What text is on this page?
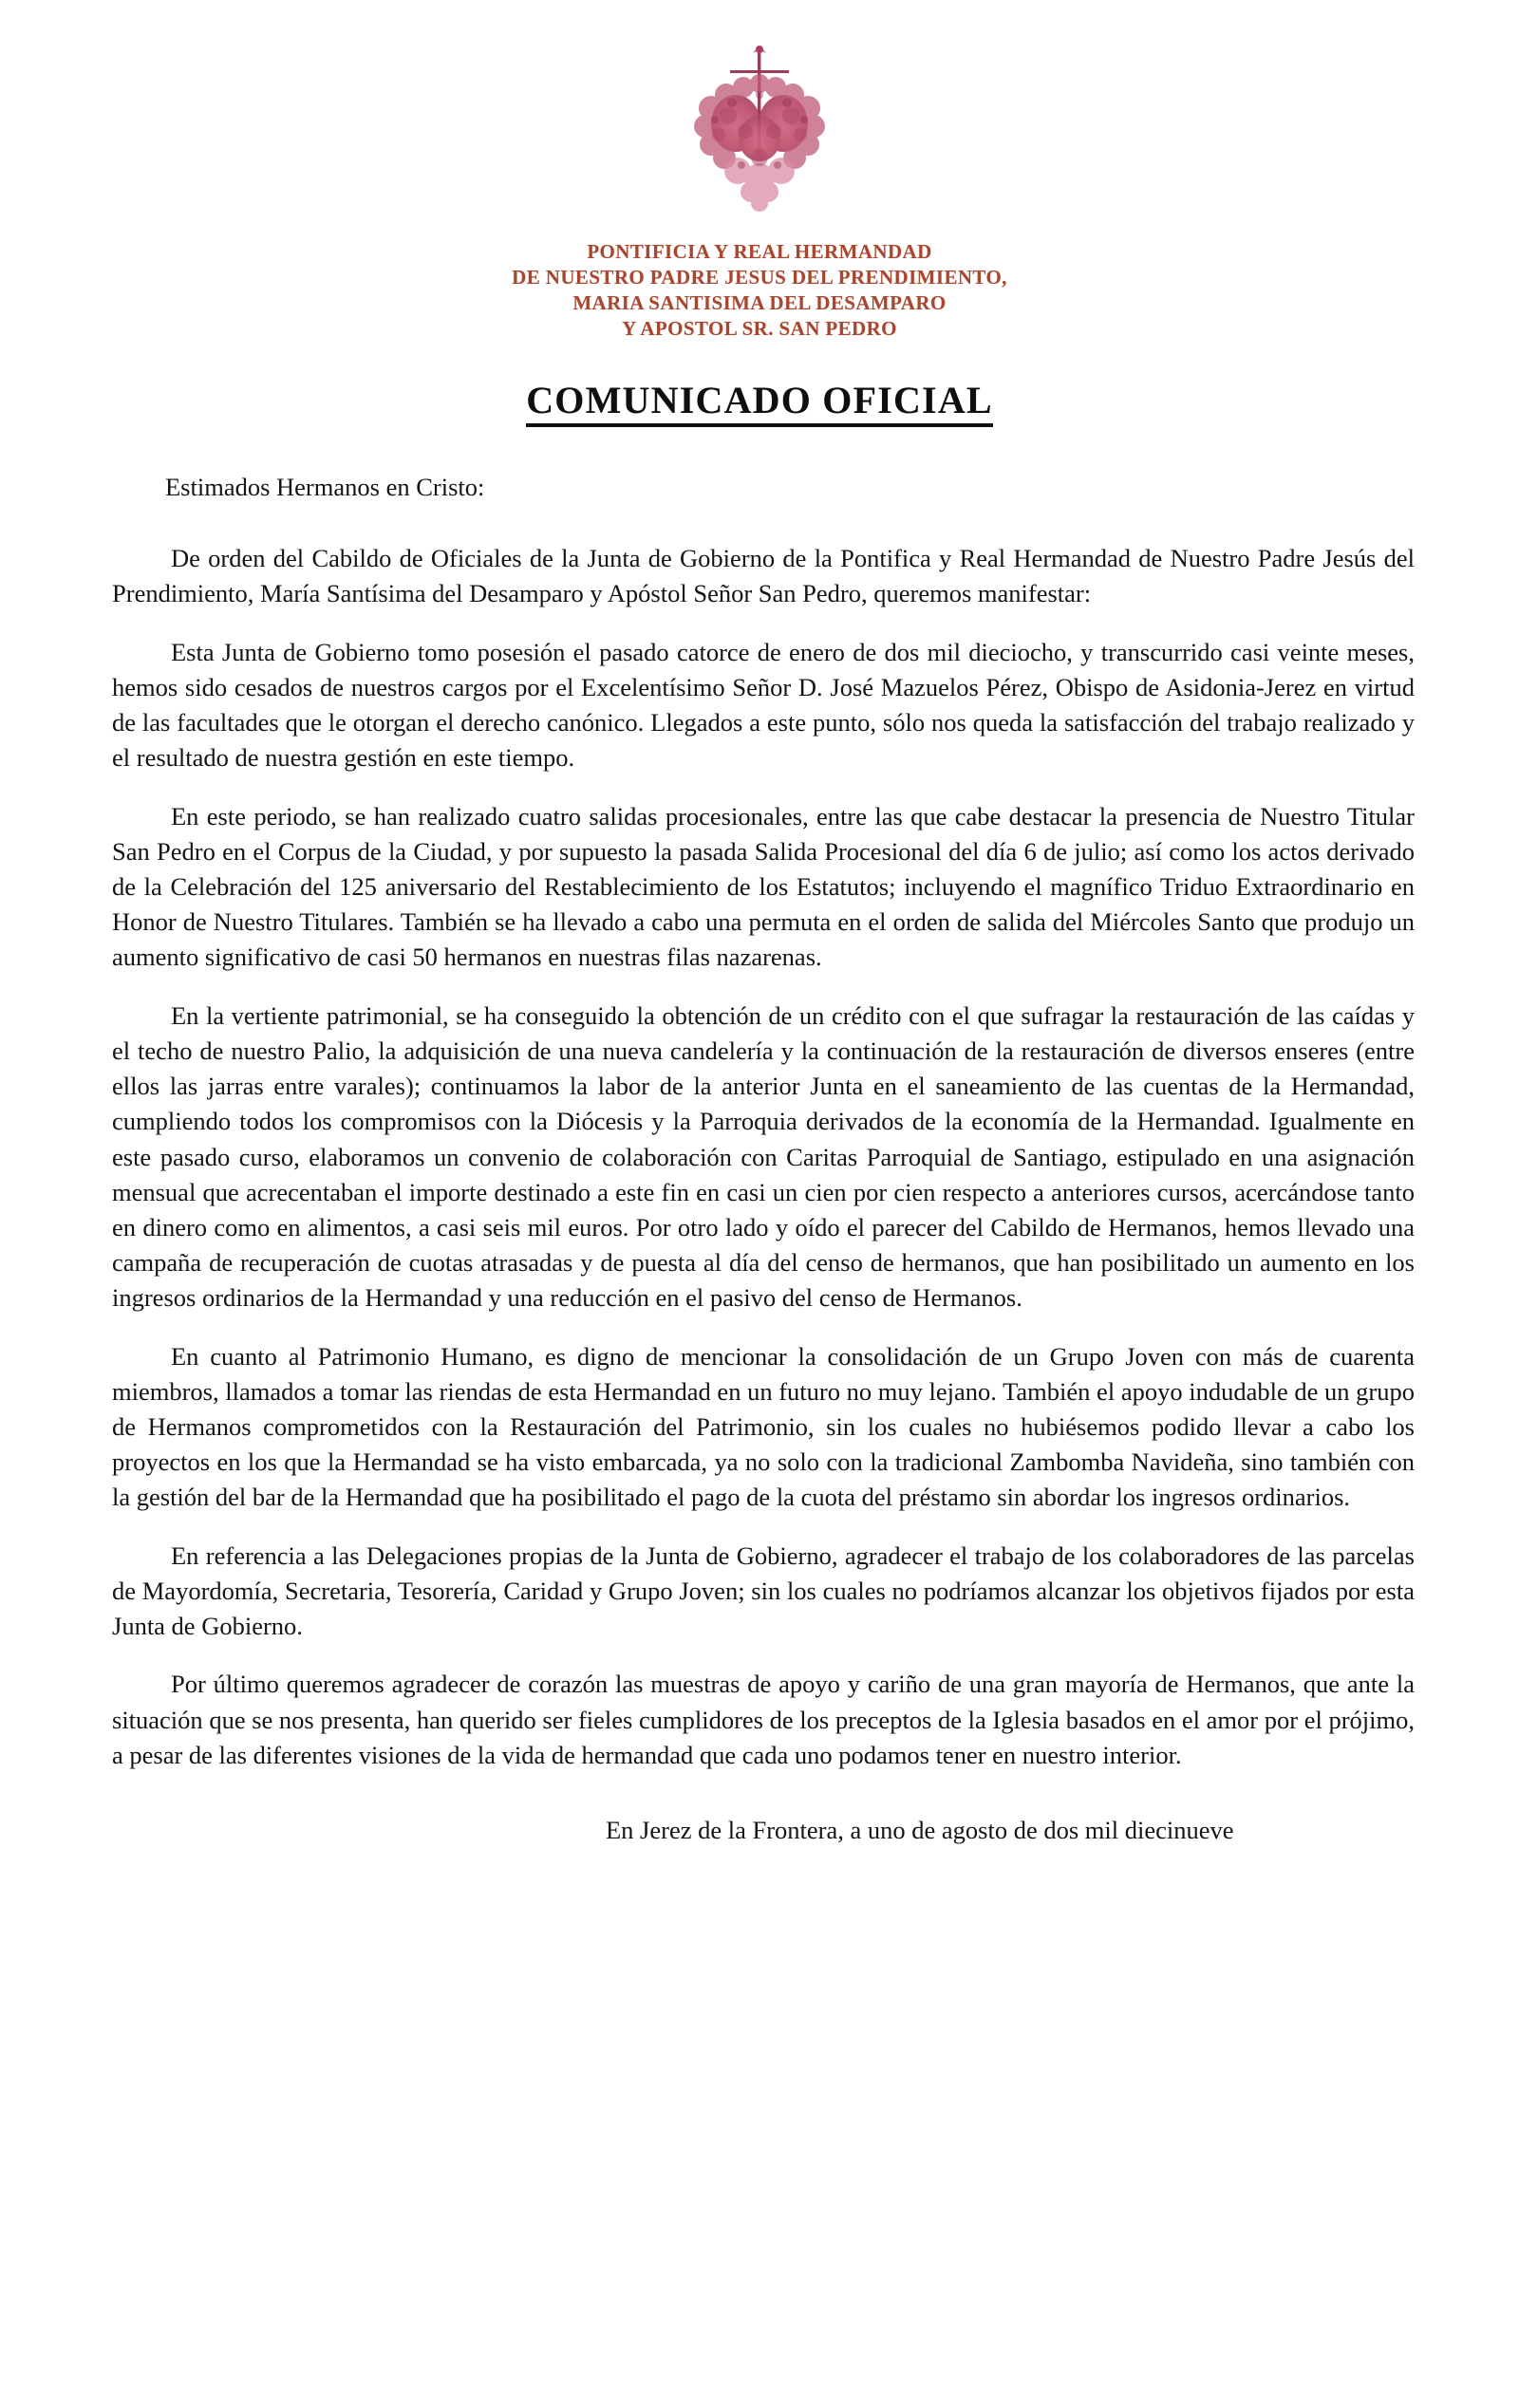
PONTIFICIA Y REAL HERMANDAD
DE NUESTRO PADRE JESUS DEL PRENDIMIENTO,
MARIA SANTISIMA DEL DESAMPARO
Y APOSTOL SR. SAN PEDRO
COMUNICADO OFICIAL

Estimados Hermanos en Cristo:

De orden del Cabildo de Oficiales de la Junta de Gobierno de la Pontifica y Real Hermandad de Nuestro Padre Jesús del Prendimiento, María Santísima del Desamparo y Apóstol Señor San Pedro, queremos manifestar:

Esta Junta de Gobierno tomo posesión el pasado catorce de enero de dos mil dieciocho, y transcurrido casi veinte meses, hemos sido cesados de nuestros cargos por el Excelentísimo Señor D. José Mazuelos Pérez, Obispo de Asidonia-Jerez en virtud de las facultades que le otorgan el derecho canónico. Llegados a este punto, sólo nos queda la satisfacción del trabajo realizado y el resultado de nuestra gestión en este tiempo.

En este periodo, se han realizado cuatro salidas procesionales, entre las que cabe destacar la presencia de Nuestro Titular San Pedro en el Corpus de la Ciudad, y por supuesto la pasada Salida Procesional del día 6 de julio; así como los actos derivado de la Celebración del 125 aniversario del Restablecimiento de los Estatutos; incluyendo el magnífico Triduo Extraordinario en Honor de Nuestro Titulares. También se ha llevado a cabo una permuta en el orden de salida del Miércoles Santo que produjo un aumento significativo de casi 50 hermanos en nuestras filas nazarenas.

En la vertiente patrimonial, se ha conseguido la obtención de un crédito con el que sufragar la restauración de las caídas y el techo de nuestro Palio, la adquisición de una nueva candelería y la continuación de la restauración de diversos enseres (entre ellos las jarras entre varales); continuamos la labor de la anterior Junta en el saneamiento de las cuentas de la Hermandad, cumpliendo todos los compromisos con la Diócesis y la Parroquia derivados de la economía de la Hermandad. Igualmente en este pasado curso, elaboramos un convenio de colaboración con Caritas Parroquial de Santiago, estipulado en una asignación mensual que acrecentaban el importe destinado a este fin en casi un cien por cien respecto a anteriores cursos, acercándose tanto en dinero como en alimentos, a casi seis mil euros. Por otro lado y oído el parecer del Cabildo de Hermanos, hemos llevado una campaña de recuperación de cuotas atrasadas y de puesta al día del censo de hermanos, que han posibilitado un aumento en los ingresos ordinarios de la Hermandad y una reducción en el pasivo del censo de Hermanos.

En cuanto al Patrimonio Humano, es digno de mencionar la consolidación de un Grupo Joven con más de cuarenta miembros, llamados a tomar las riendas de esta Hermandad en un futuro no muy lejano. También el apoyo indudable de un grupo de Hermanos comprometidos con la Restauración del Patrimonio, sin los cuales no hubiésemos podido llevar a cabo los proyectos en los que la Hermandad se ha visto embarcada, ya no solo con la tradicional Zambomba Navideña, sino también con la gestión del bar de la Hermandad que ha posibilitado el pago de la cuota del préstamo sin abordar los ingresos ordinarios.

En referencia a las Delegaciones propias de la Junta de Gobierno, agradecer el trabajo de los colaboradores de las parcelas de Mayordomía, Secretaria, Tesorería, Caridad y Grupo Joven; sin los cuales no podríamos alcanzar los objetivos fijados por esta Junta de Gobierno.

Por último queremos agradecer de corazón las muestras de apoyo y cariño de una gran mayoría de Hermanos, que ante la situación que se nos presenta, han querido ser fieles cumplidores de los preceptos de la Iglesia basados en el amor por el prójimo, a pesar de las diferentes visiones de la vida de hermandad que cada uno podamos tener en nuestro interior.

En Jerez de la Frontera, a uno de agosto de dos mil diecinueve
